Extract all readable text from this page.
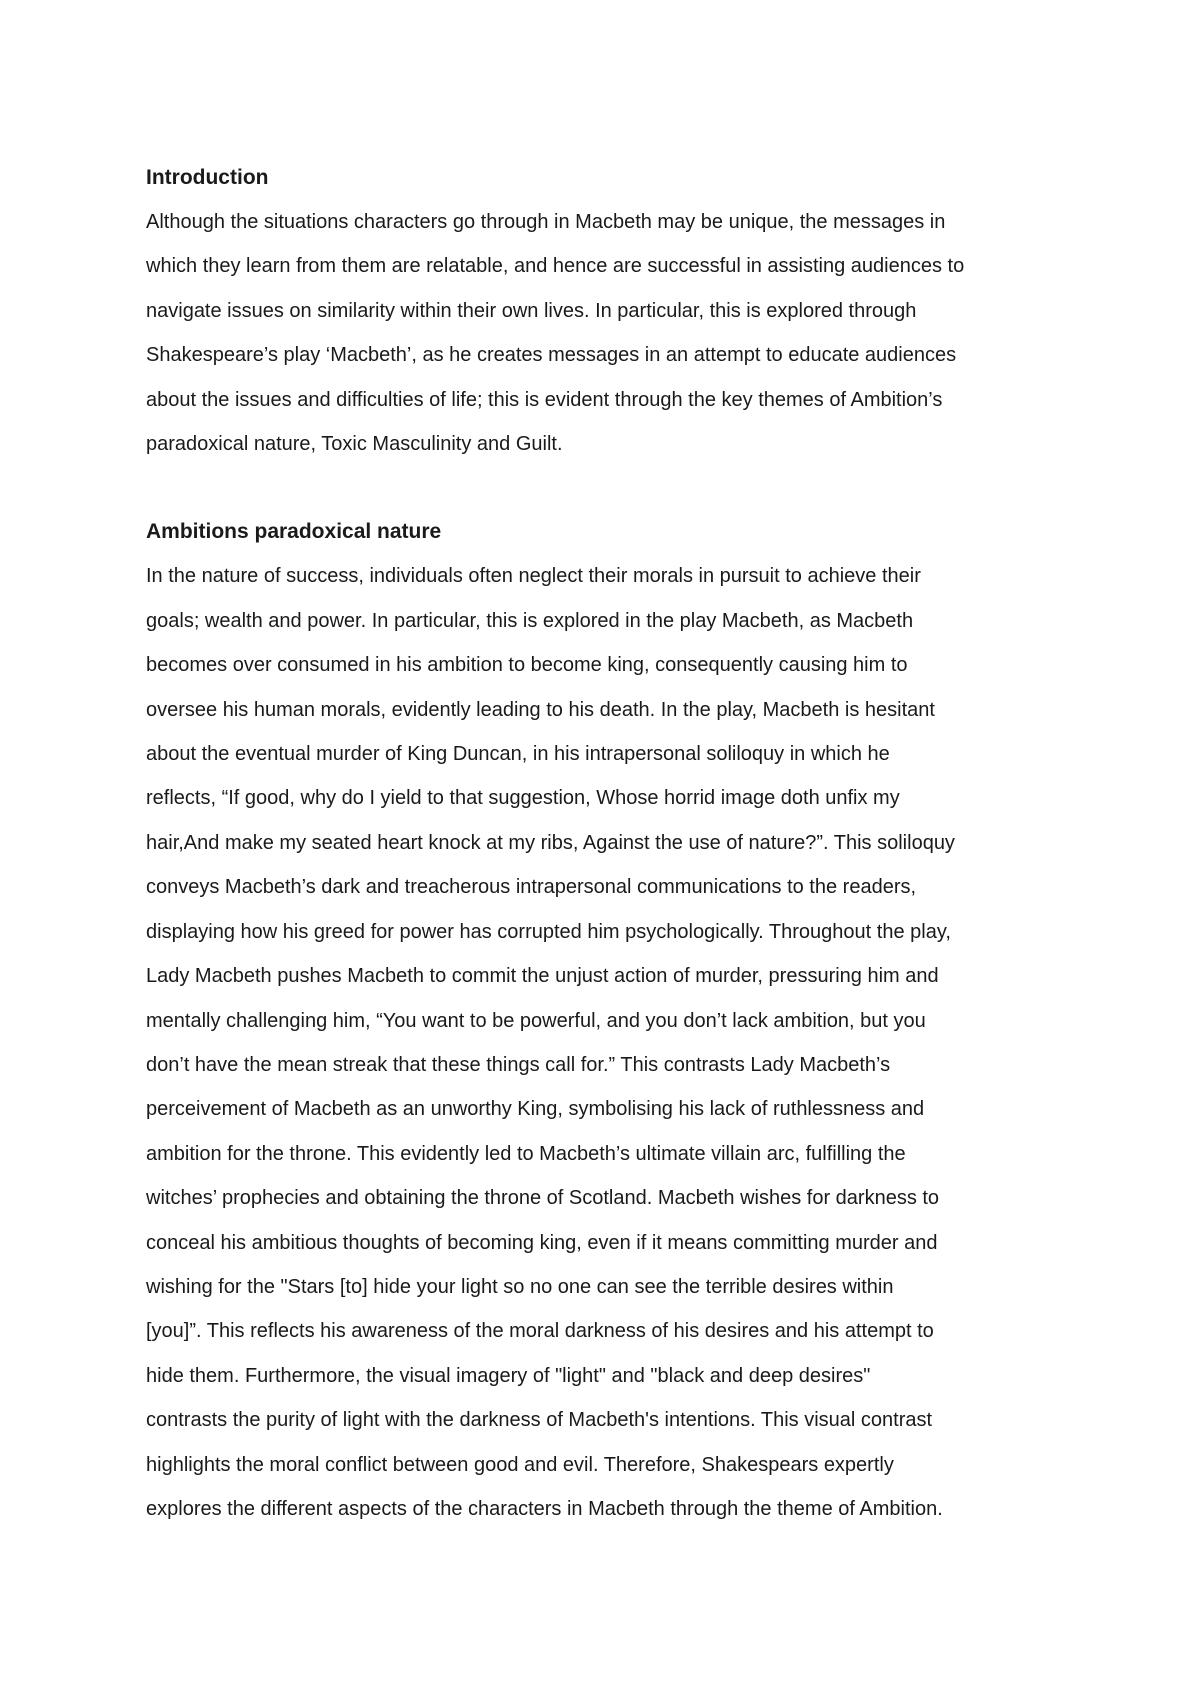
Introduction
Although the situations characters go through in Macbeth may be unique, the messages in
which they learn from them are relatable, and hence are successful in assisting audiences to
navigate issues on similarity within their own lives. In particular, this is explored through
Shakespeare’s play ‘Macbeth’, as he creates messages in an attempt to educate audiences
about the issues and difficulties of life; this is evident through the key themes of Ambition’s
paradoxical nature, Toxic Masculinity and Guilt.
Ambitions paradoxical nature
In the nature of success, individuals often neglect their morals in pursuit to achieve their
goals; wealth and power. In particular, this is explored in the play Macbeth, as Macbeth
becomes over consumed in his ambition to become king, consequently causing him to
oversee his human morals, evidently leading to his death. In the play, Macbeth is hesitant
about the eventual murder of King Duncan, in his intrapersonal soliloquy in which he
reflects, “If good, why do I yield to that suggestion, Whose horrid image doth unfix my
hair,And make my seated heart knock at my ribs, Against the use of nature?”. This soliloquy
conveys Macbeth’s dark and treacherous intrapersonal communications to the readers,
displaying how his greed for power has corrupted him psychologically. Throughout the play,
Lady Macbeth pushes Macbeth to commit the unjust action of murder, pressuring him and
mentally challenging him, “You want to be powerful, and you don’t lack ambition, but you
don’t have the mean streak that these things call for.” This contrasts Lady Macbeth’s
perceivement of Macbeth as an unworthy King, symbolising his lack of ruthlessness and
ambition for the throne. This evidently led to Macbeth’s ultimate villain arc, fulfilling the
witches’ prophecies and obtaining the throne of Scotland. Macbeth wishes for darkness to
conceal his ambitious thoughts of becoming king, even if it means committing murder and
wishing for the "Stars [to] hide your light so no one can see the terrible desires within
[you]”. This reflects his awareness of the moral darkness of his desires and his attempt to
hide them. Furthermore, the visual imagery of "light" and "black and deep desires"
contrasts the purity of light with the darkness of Macbeth's intentions. This visual contrast
highlights the moral conflict between good and evil. Therefore, Shakespears expertly
explores the different aspects of the characters in Macbeth through the theme of Ambition.
